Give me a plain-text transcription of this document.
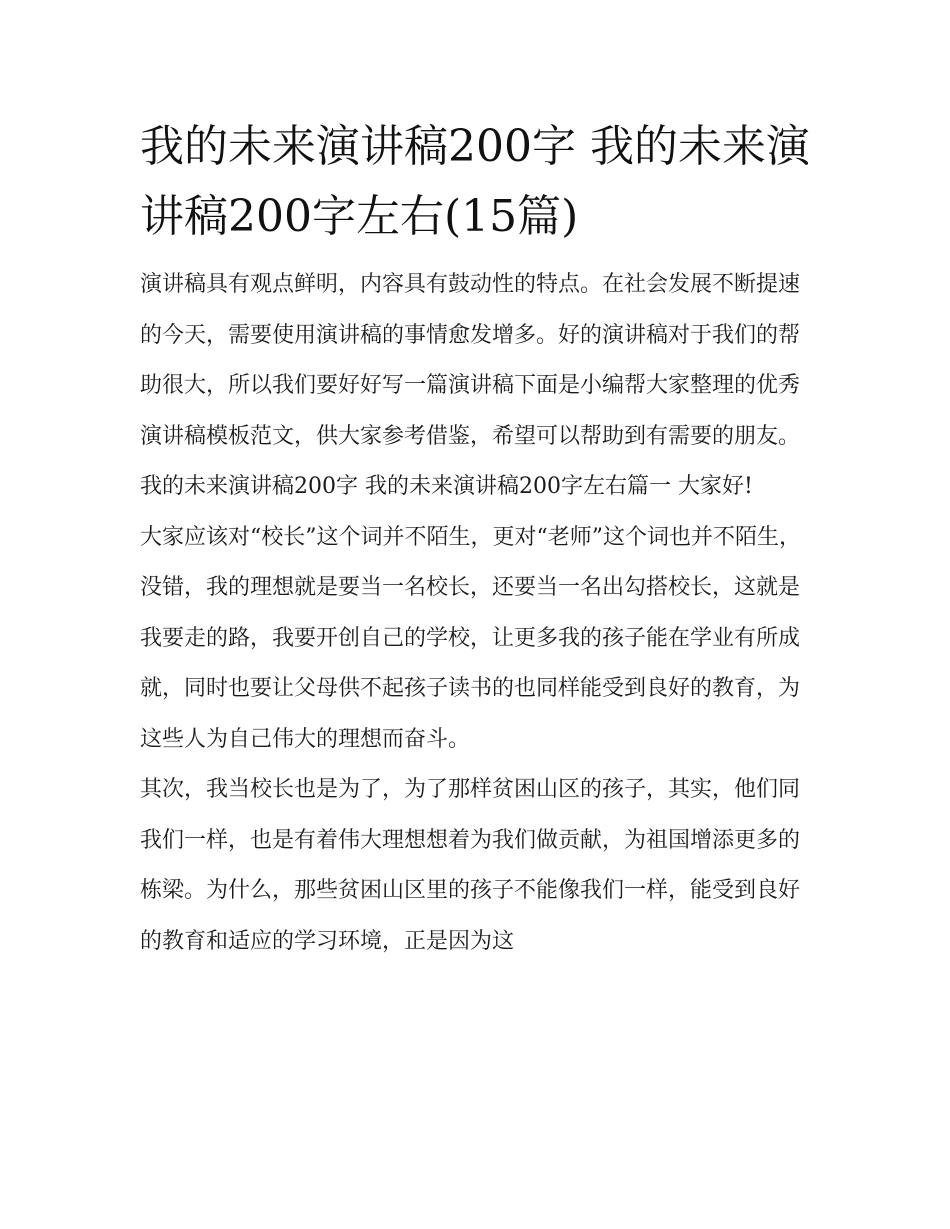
我的未来演讲稿200字 我的未来演讲稿200字左右(15篇)

演讲稿具有观点鲜明，内容具有鼓动性的特点。在社会发展不断提速的今天，需要使用演讲稿的事情愈发增多。好的演讲稿对于我们的帮助很大，所以我们要好好写一篇演讲稿下面是小编帮大家整理的优秀演讲稿模板范文，供大家参考借鉴，希望可以帮助到有需要的朋友。

我的未来演讲稿200字 我的未来演讲稿200字左右篇一 大家好!

大家应该对“校长”这个词并不陌生，更对“老师”这个词也并不陌生，没错，我的理想就是要当一名校长，还要当一名出勾搭校长，这就是我要走的路，我要开创自己的学校，让更多我的孩子能在学业有所成就，同时也要让父母供不起孩子读书的也同样能受到良好的教育，为这些人为自己伟大的理想而奋斗。

其次，我当校长也是为了，为了那样贫困山区的孩子，其实，他们同我们一样，也是有着伟大理想想着为我们做贡献，为祖国增添更多的栋梁。为什么，那些贫困山区里的孩子不能像我们一样，能受到良好的教育和适应的学习环境，正是因为这
